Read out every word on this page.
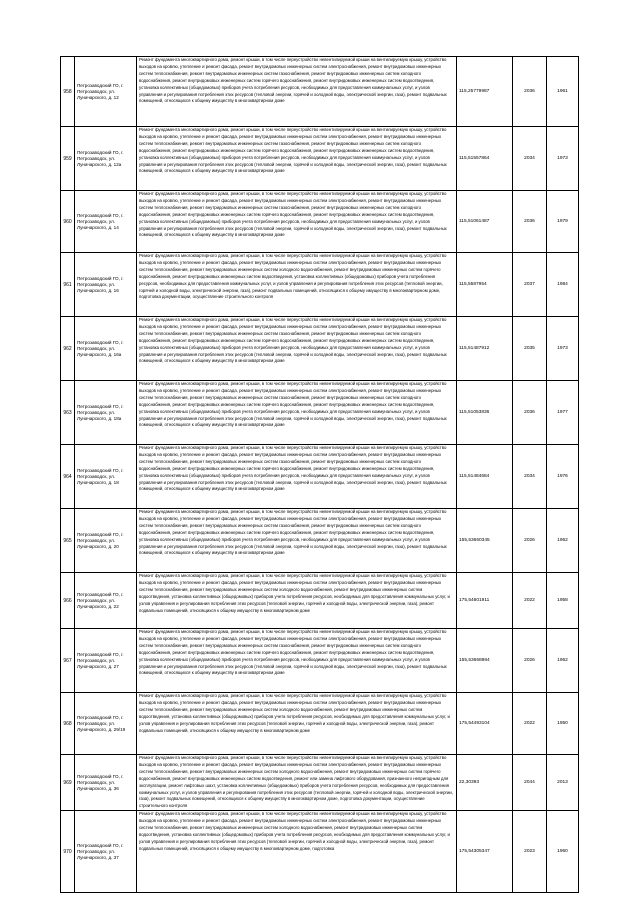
958	Петрозаводский ГО, г. Петрозаводск, ул. Луначарского, д. 12	Ремонт фундамента многоквартирного дома, ремонт крыши, в том числе переустройство невентилируемой крыши на вентилируемую крышу, устройство выходов на кровлю, утепление и ремонт фасада, ремонт внутридомовых инженерных систем электроснабжения, ремонт внутридомовых инженерных систем теплоснабжения, ремонт внутридомовых инженерных систем газоснабжения, ремонт внутридомовых инженерных систем холодного водоснабжения, ремонт внутридомовых инженерных систем горячего водоснабжения, ремонт внутридомовых инженерных систем водоотведения, установка коллективных (общедомовых) приборов учета потребления ресурсов, необходимых для предоставления коммунальных услуг, и узлов управления и регулирования потребления этих ресурсов (тепловой энергии, горячей и холодной воды, электрической энергии, газа), ремонт подвальных помещений, относящихся к общему имуществу в многоквартирном доме	115,25779987	2036	1961
959	Петрозаводский ГО, г. Петрозаводск, ул. Луначарского, д. 12а	Ремонт фундамента многоквартирного дома, ремонт крыши, в том числе переустройство невентилируемой крыши на вентилируемую крышу, устройство выходов на кровлю, утепление и ремонт фасада, ремонт внутридомовых инженерных систем электроснабжения, ремонт внутридомовых инженерных систем теплоснабжения, ремонт внутридомовых инженерных систем газоснабжения, ремонт внутридомовых инженерных систем холодного водоснабжения, ремонт внутридомовых инженерных систем горячего водоснабжения, ремонт внутридомовых инженерных систем водоотведения, установка коллективных (общедомовых) приборов учета потребления ресурсов, необходимых для предоставления коммунальных услуг, и узлов управления и регулирования потребления этих ресурсов (тепловой энергии, горячей и холодной воды, электрической энергии, газа), ремонт подвальных помещений, относящихся к общему имуществу в многоквартирном доме	115,51557864	2034	1973
960	Петрозаводский ГО, г. Петрозаводск, ул. Луначарского, д. 14	Ремонт фундамента многоквартирного дома, ремонт крыши, в том числе переустройство невентилируемой крыши на вентилируемую крышу, устройство выходов на кровлю, утепление и ремонт фасада, ремонт внутридомовых инженерных систем электроснабжения, ремонт внутридомовых инженерных систем теплоснабжения, ремонт внутридомовых инженерных систем газоснабжения, ремонт внутридомовых инженерных систем холодного водоснабжения, ремонт внутридомовых инженерных систем горячего водоснабжения, ремонт внутридомовых инженерных систем водоотведения, установка коллективных (общедомовых) приборов учета потребления ресурсов, необходимых для предоставления коммунальных услуг, и узлов управления и регулирования потребления этих ресурсов (тепловой энергии, горячей и холодной воды, электрической энергии, газа), ремонт подвальных помещений, относящихся к общему имуществу в многоквартирном доме	115,51061487	2036	1979
961	Петрозаводский ГО, г. Петрозаводск, ул. Луначарского, д. 16	Ремонт фундамента многоквартирного дома, ремонт крыши, в том числе переустройство невентилируемой крыши на вентилируемую крышу, устройство выходов на кровлю, утепление и ремонт фасада, ремонт внутридомовых инженерных систем электроснабжения, ремонт внутридомовых инженерных систем теплоснабжения, ремонт внутридомовых инженерных систем холодного водоснабжения, ремонт внутридомовых инженерных систем горячего водоснабжения, ремонт внутридомовых инженерных систем водоотведения, установка коллективных (общедомовых) приборов учета потребления ресурсов, необходимых для предоставления коммунальных услуг, и узлов управления и регулирования потребления этих ресурсов (тепловой энергии, горячей и холодной воды, электрической энергии, газа), ремонт подвальных помещений, относящихся к общему имуществу в многоквартирном доме, подготовка документации, осуществление строительного контроля	115,5587954	2037	1984
962	Петрозаводский ГО, г. Петрозаводск, ул. Луначарского, д. 16а	Ремонт фундамента многоквартирного дома, ремонт крыши, в том числе переустройство невентилируемой крыши на вентилируемую крышу, устройство выходов на кровлю, утепление и ремонт фасада, ремонт внутридомовых инженерных систем электроснабжения, ремонт внутридомовых инженерных систем теплоснабжения, ремонт внутридомовых инженерных систем газоснабжения, ремонт внутридомовых инженерных систем холодного водоснабжения, ремонт внутридомовых инженерных систем горячего водоснабжения, ремонт внутридомовых инженерных систем водоотведения, установка коллективных (общедомовых) приборов учета потребления ресурсов, необходимых для предоставления коммунальных услуг, и узлов управления и регулирования потребления этих ресурсов (тепловой энергии, горячей и холодной воды, электрической энергии, газа), ремонт подвальных помещений, относящихся к общему имуществу в многоквартирном доме	115,51487912	2035	1973
963	Петрозаводский ГО, г. Петрозаводск, ул. Луначарского, д. 18а	Ремонт фундамента многоквартирного дома, ремонт крыши, в том числе переустройство невентилируемой крыши на вентилируемую крышу, устройство выходов на кровлю, утепление и ремонт фасада, ремонт внутридомовых инженерных систем электроснабжения, ремонт внутридомовых инженерных систем теплоснабжения, ремонт внутридомовых инженерных систем газоснабжения, ремонт внутридомовых инженерных систем холодного водоснабжения, ремонт внутридомовых инженерных систем горячего водоснабжения, ремонт внутридомовых инженерных систем водоотведения, установка коллективных (общедомовых) приборов учета потребления ресурсов, необходимых для предоставления коммунальных услуг, и узлов управления и регулирования потребления этих ресурсов (тепловой энергии, горячей и холодной воды, электрической энергии, газа), ремонт подвальных помещений, относящихся к общему имуществу в многоквартирном доме	115,51053836	2036	1977
964	Петрозаводский ГО, г. Петрозаводск, ул. Луначарского, д. 18	Ремонт фундамента многоквартирного дома, ремонт крыши, в том числе переустройство невентилируемой крыши на вентилируемую крышу, устройство выходов на кровлю, утепление и ремонт фасада, ремонт внутридомовых инженерных систем электроснабжения, ремонт внутридомовых инженерных систем теплоснабжения, ремонт внутридомовых инженерных систем газоснабжения, ремонт внутридомовых инженерных систем холодного водоснабжения, ремонт внутридомовых инженерных систем горячего водоснабжения, ремонт внутридомовых инженерных систем водоотведения, установка коллективных (общедомовых) приборов учета потребления ресурсов, необходимых для предоставления коммунальных услуг, и узлов управления и регулирования потребления этих ресурсов (тепловой энергии, горячей и холодной воды, электрической энергии, газа), ремонт подвальных помещений, относящихся к общему имуществу в многоквартирном доме	115,51484684	2034	1976
965	Петрозаводский ГО, г. Петрозаводск, ул. Луначарского, д. 20	Ремонт фундамента многоквартирного дома, ремонт крыши, в том числе переустройство невентилируемой крыши на вентилируемую крышу, устройство выходов на кровлю, утепление и ремонт фасада, ремонт внутридомовых инженерных систем электроснабжения, ремонт внутридомовых инженерных систем теплоснабжения, ремонт внутридомовых инженерных систем газоснабжения, ремонт внутридомовых инженерных систем холодного водоснабжения, ремонт внутридомовых инженерных систем горячего водоснабжения, ремонт внутридомовых инженерных систем водоотведения, установка коллективных (общедомовых) приборов учета потребления ресурсов, необходимых для предоставления коммунальных услуг, и узлов управления и регулирования потребления этих ресурсов (тепловой энергии, горячей и холодной воды, электрической энергии, газа), ремонт подвальных помещений, относящихся к общему имуществу в многоквартирном доме	155,53660345	2026	1962
966	Петрозаводский ГО, г. Петрозаводск, ул. Луначарского, д. 22	Ремонт фундамента многоквартирного дома, ремонт крыши, в том числе переустройство невентилируемой крыши на вентилируемую крышу, устройство выходов на кровлю, утепление и ремонт фасада, ремонт внутридомовых инженерных систем электроснабжения, ремонт внутридомовых инженерных систем теплоснабжения, ремонт внутридомовых инженерных систем холодного водоснабжения, ремонт внутридомовых инженерных систем водоотведения, установка коллективных (общедомовых) приборов учета потребления ресурсов, необходимых для предоставления коммунальных услуг, и узлов управления и регулирования потребления этих ресурсов (тепловой энергии, горячей и холодной воды, электрической энергии, газа), ремонт подвальных помещений, относящихся к общему имуществу в многоквартирном доме	175,54601911	2022	1958
967	Петрозаводский ГО, г. Петрозаводск, ул. Луначарского, д. 27	Ремонт фундамента многоквартирного дома, ремонт крыши, в том числе переустройство невентилируемой крыши на вентилируемую крышу, устройство выходов на кровлю, утепление и ремонт фасада, ремонт внутридомовых инженерных систем электроснабжения, ремонт внутридомовых инженерных систем теплоснабжения, ремонт внутридомовых инженерных систем газоснабжения, ремонт внутридомовых инженерных систем холодного водоснабжения, ремонт внутридомовых инженерных систем горячего водоснабжения, ремонт внутридомовых инженерных систем водоотведения, установка коллективных (общедомовых) приборов учета потребления ресурсов, необходимых для предоставления коммунальных услуг, и узлов управления и регулирования потребления этих ресурсов (тепловой энергии, горячей и холодной воды, электрической энергии, газа), ремонт подвальных помещений, относящихся к общему имуществу в многоквартирном доме	155,53668984	2026	1962
968	Петрозаводский ГО, г. Петрозаводск, ул. Луначарского, д. 29/19	Ремонт фундамента многоквартирного дома, ремонт крыши, в том числе переустройство невентилируемой крыши на вентилируемую крышу, устройство выходов на кровлю, утепление и ремонт фасада, ремонт внутридомовых инженерных систем электроснабжения, ремонт внутридомовых инженерных систем теплоснабжения, ремонт внутридомовых инженерных систем холодного водоснабжения, ремонт внутридомовых инженерных систем водоотведения, установка коллективных (общедомовых) приборов учета потребления ресурсов, необходимых для предоставления коммунальных услуг, и узлов управления и регулирования потребления этих ресурсов (тепловой энергии, горячей и холодной воды, электрической энергии, газа), ремонт подвальных помещений, относящихся к общему имуществу в многоквартирном доме	175,54493104	2022	1950
969	Петрозаводский ГО, г. Петрозаводск, ул. Луначарского, д. 36	Ремонт фундамента многоквартирного дома, ремонт крыши, в том числе переустройство невентилируемой крыши на вентилируемую крышу, устройство выходов на кровлю, утепление и ремонт фасада, ремонт внутридомовых инженерных систем электроснабжения, ремонт внутридомовых инженерных систем теплоснабжения, ремонт внутридомовых инженерных систем холодного водоснабжения, ремонт внутридомовых инженерных систем горячего водоснабжения, ремонт внутридомовых инженерных систем водоотведения, ремонт или замена лифтового оборудования, признанного непригодным для эксплуатации, ремонт лифтовых шахт, установка коллективных (общедомовых) приборов учета потребления ресурсов, необходимых для предоставления коммунальных услуг, и узлов управления и регулирования потребления этих ресурсов (тепловой энергии, горячей и холодной воды, электрической энергии, газа), ремонт подвальных помещений, относящихся к общему имуществу в многоквартирном доме, подготовка документации, осуществление строительного контроля	22,30393	2044	2013
970	Петрозаводский ГО, г. Петрозаводск, ул. Луначарского, д. 37	Ремонт фундамента многоквартирного дома, ремонт крыши, в том числе переустройство невентилируемой крыши на вентилируемую крышу, устройство выходов на кровлю, утепление и ремонт фасада, ремонт внутридомовых инженерных систем электроснабжения, ремонт внутридомовых инженерных систем теплоснабжения, ремонт внутридомовых инженерных систем холодного водоснабжения, ремонт внутридомовых инженерных систем водоотведения, установка коллективных (общедомовых) приборов учета потребления ресурсов, необходимых для предоставления коммунальных услуг, и узлов управления и регулирования потребления этих ресурсов (тепловой энергии, горячей и холодной воды, электрической энергии, газа), ремонт подвальных помещений, относящихся к общему имуществу в многоквартирном доме, подготовка	175,54305347	2023	1960
